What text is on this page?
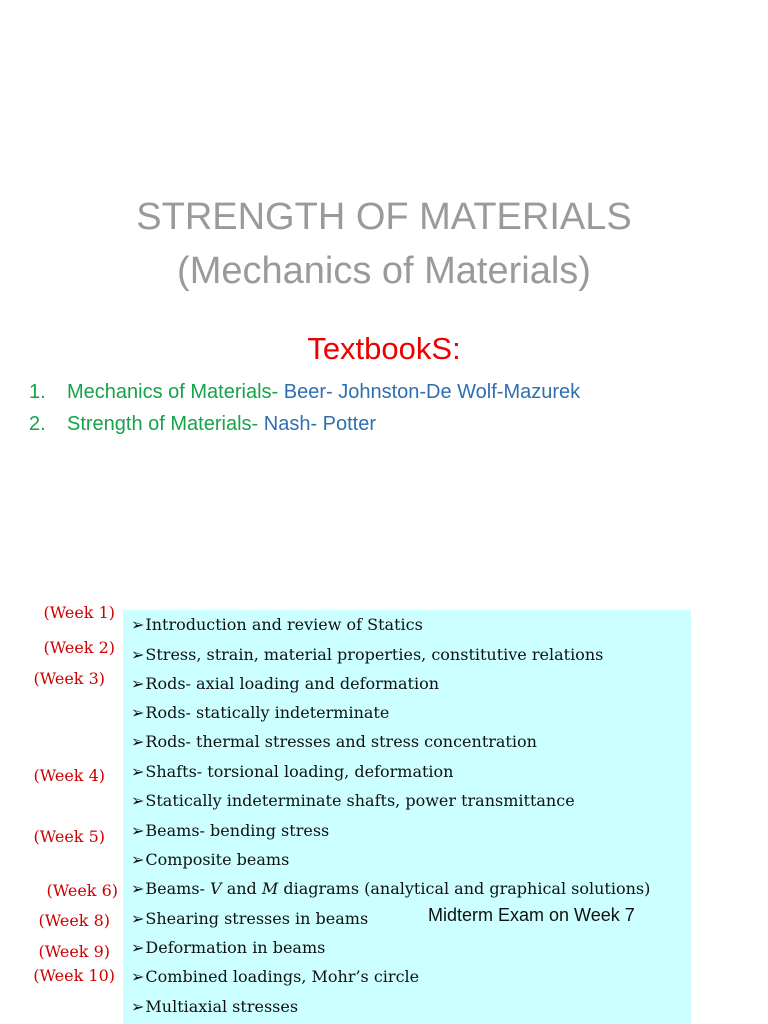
STRENGTH OF MATERIALS
(Mechanics of Materials)
TextbookS:
1. Mechanics of Materials- Beer- Johnston-De Wolf-Mazurek
2. Strength of Materials- Nash- Potter
➢Introduction and review of Statics
➢Stress, strain, material properties, constitutive relations
➢Rods- axial loading and deformation
➢Rods- statically indeterminate
➢Rods- thermal stresses and stress concentration
➢Shafts- torsional loading, deformation
➢Statically indeterminate shafts, power transmittance
➢Beams- bending stress
➢Composite beams
➢Beams- V and M diagrams (analytical and graphical solutions)
➢Shearing stresses in beams
➢Deformation in beams
➢Combined loadings, Mohr’s circle
➢Multiaxial stresses
(Week 1)
(Week 2)
(Week 3)
(Week 4)
(Week 5)
(Week 6)
(Week 8)
(Week 9)
(Week 10)
Midterm Exam on Week 7
